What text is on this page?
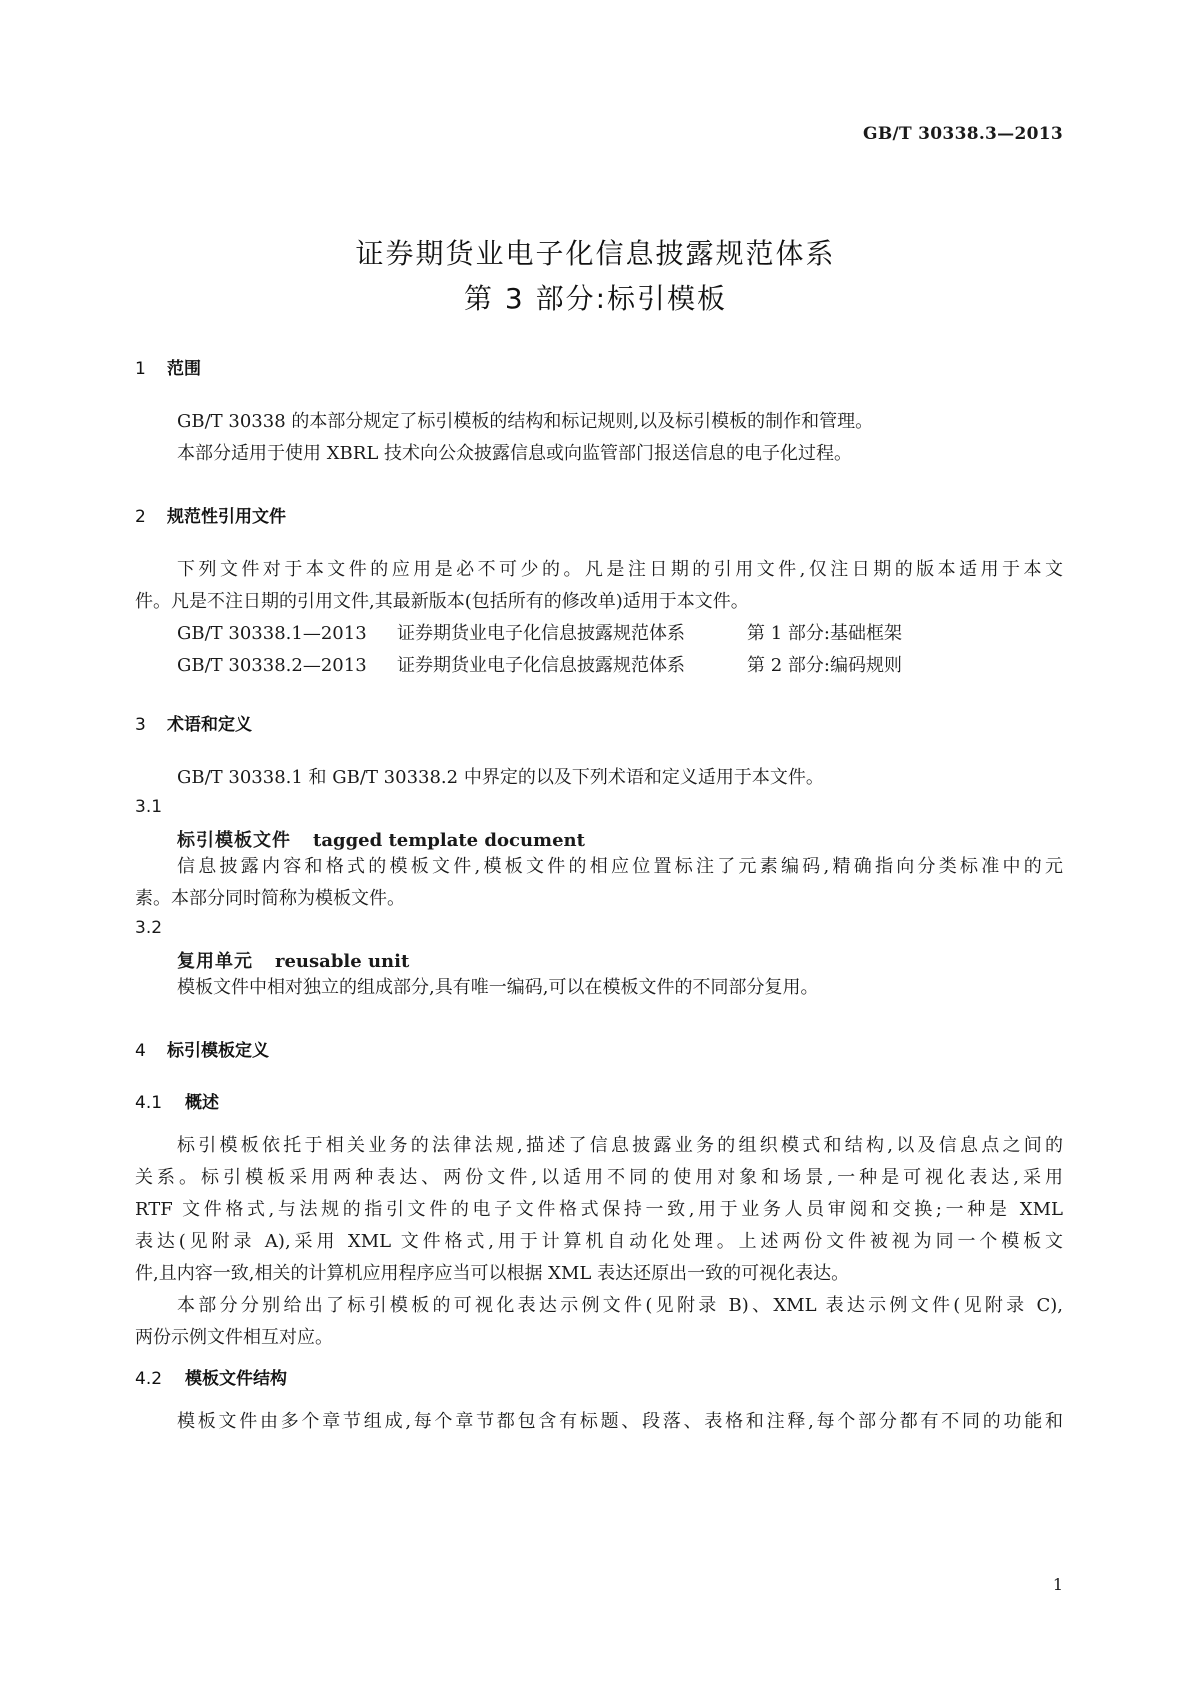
GB/T 30338.3—2013
证券期货业电子化信息披露规范体系
第 3 部分:标引模板
1 范围
GB/T 30338 的本部分规定了标引模板的结构和标记规则,以及标引模板的制作和管理。
本部分适用于使用 XBRL 技术向公众披露信息或向监管部门报送信息的电子化过程。
2 规范性引用文件
下列文件对于本文件的应用是必不可少的。凡是注日期的引用文件,仅注日期的版本适用于本文
件。凡是不注日期的引用文件,其最新版本(包括所有的修改单)适用于本文件。
GB/T 30338.1—2013 证券期货业电子化信息披露规范体系	第 1 部分:基础框架
GB/T 30338.2—2013 证券期货业电子化信息披露规范体系	第 2 部分:编码规则
3 术语和定义
GB/T 30338.1 和 GB/T 30338.2 中界定的以及下列术语和定义适用于本文件。
3.1
标引模板文件 tagged template document
信息披露内容和格式的模板文件,模板文件的相应位置标注了元素编码,精确指向分类标准中的元
素。本部分同时简称为模板文件。
3.2
复用单元 reusable unit
模板文件中相对独立的组成部分,具有唯一编码,可以在模板文件的不同部分复用。
4 标引模板定义
4.1 概述
标引模板依托于相关业务的法律法规,描述了信息披露业务的组织模式和结构,以及信息点之间的
关系。标引模板采用两种表达、两份文件,以适用不同的使用对象和场景,一种是可视化表达,采用
RTF 文件格式,与法规的指引文件的电子文件格式保持一致,用于业务人员审阅和交换;一种是 XML
表达(见附录 A),采用 XML 文件格式,用于计算机自动化处理。上述两份文件被视为同一个模板文
件,且内容一致,相关的计算机应用程序应当可以根据 XML 表达还原出一致的可视化表达。
本部分分别给出了标引模板的可视化表达示例文件(见附录 B)、XML 表达示例文件(见附录 C),
两份示例文件相互对应。
4.2 模板文件结构
模板文件由多个章节组成,每个章节都包含有标题、段落、表格和注释,每个部分都有不同的功能和
1
